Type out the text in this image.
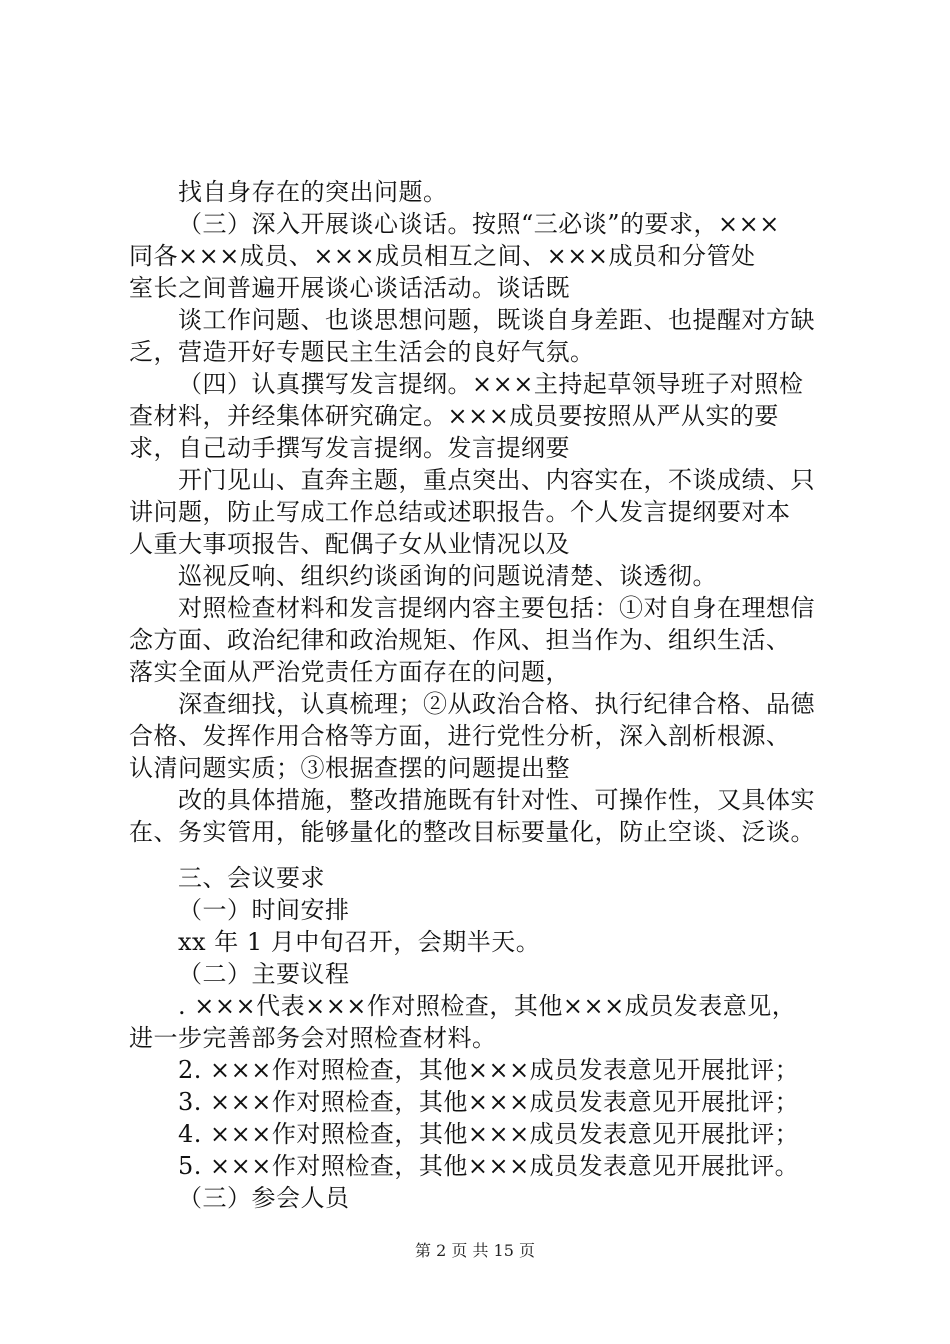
找自身存在的突出问题。
（三）深入开展谈心谈话。按照“三必谈”的要求，×××
同各×××成员、×××成员相互之间、×××成员和分管处
室长之间普遍开展谈心谈话活动。谈话既
谈工作问题、也谈思想问题，既谈自身差距、也提醒对方缺
乏，营造开好专题民主生活会的良好气氛。
（四）认真撰写发言提纲。×××主持起草领导班子对照检
查材料，并经集体研究确定。×××成员要按照从严从实的要
求，自己动手撰写发言提纲。发言提纲要
开门见山、直奔主题，重点突出、内容实在，不谈成绩、只
讲问题，防止写成工作总结或述职报告。个人发言提纲要对本
人重大事项报告、配偶子女从业情况以及
巡视反响、组织约谈函询的问题说清楚、谈透彻。
对照检查材料和发言提纲内容主要包括：①对自身在理想信
念方面、政治纪律和政治规矩、作风、担当作为、组织生活、
落实全面从严治党责任方面存在的问题，
深查细找，认真梳理；②从政治合格、执行纪律合格、品德
合格、发挥作用合格等方面，进行党性分析，深入剖析根源、
认清问题实质；③根据查摆的问题提出整
改的具体措施，整改措施既有针对性、可操作性，又具体实
在、务实管用，能够量化的整改目标要量化，防止空谈、泛谈。
三、会议要求
（一）时间安排
xx 年 1 月中旬召开，会期半天。
（二）主要议程
. ×××代表×××作对照检查，其他×××成员发表意见，
进一步完善部务会对照检查材料。
2. ×××作对照检查，其他×××成员发表意见开展批评；
3. ×××作对照检查，其他×××成员发表意见开展批评；
4. ×××作对照检查，其他×××成员发表意见开展批评；
5. ×××作对照检查，其他×××成员发表意见开展批评。
（三）参会人员
第 2 页 共 15 页
